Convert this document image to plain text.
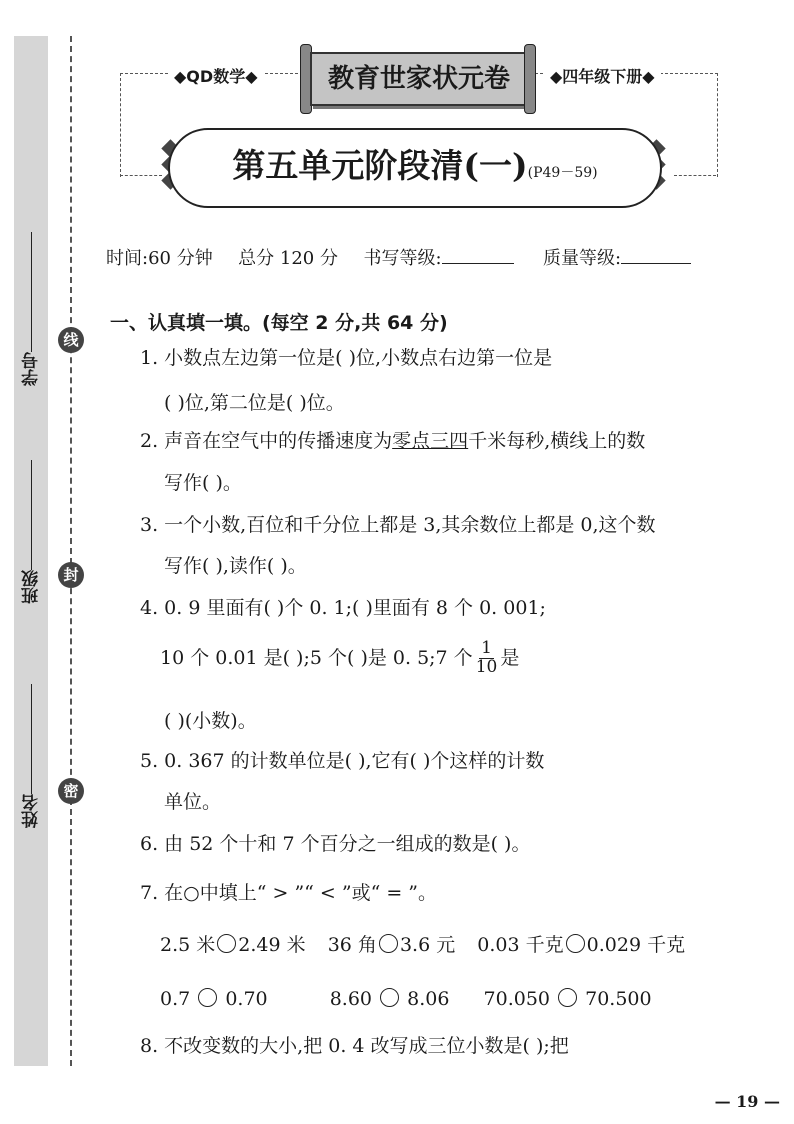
学号
班级
姓名
线
封
密
◆QD数学◆	◆四年级下册◆
教育世家状元卷
第五单元阶段清(一)(P49－59)
时间:60 分钟 总分 120 分 书写等级:	质量等级:
一、认真填一填。(每空 2 分,共 64 分)
1. 小数点左边第一位是( )位,小数点右边第一位是
( )位,第二位是( )位。
2. 声音在空气中的传播速度为零点三四千米每秒,横线上的数
写作( )。
3. 一个小数,百位和千分位上都是 3,其余数位上都是 0,这个数
写作( ),读作( )。
4. 0. 9 里面有( )个 0. 1;( )里面有 8 个 0. 001;
10 个 0.01 是( );5 个( )是 0. 5;7 个 $\frac{1}{10}$ 是
( )(小数)。
5. 0. 367 的计数单位是( ),它有( )个这样的计数
单位。
6. 由 52 个十和 7 个百分之一组成的数是( )。
7. 在○中填上“ > ”“ < ”或“ = ”。
2.5 米 2.49 米 36 角 3.6 元 0.03 千克 0.029 千克
0.7 0.70	8.60 8.06 70.050 70.500
8. 不改变数的大小,把 0. 4 改写成三位小数是( );把
— 19 —
